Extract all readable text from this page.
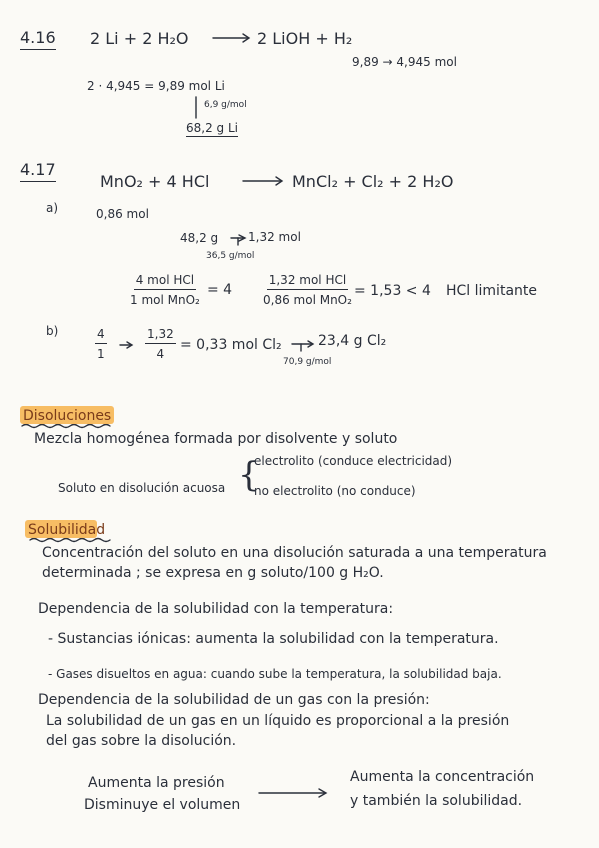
4.16 2 Li + 2 H₂O	2 LiOH + H₂
9,89 → 4,945 mol
2 · 4,945 = 9,89 mol Li
6,9 g/mol
68,2 g Li
4.17
MnO₂ + 4 HCl	MnCl₂ + Cl₂ + 2 H₂O
a)	0,86 mol
48,2 g 1,32 mol
36,5 g/mol
4 mol HCl
1 mol MnO₂
= 4
1,32 mol HCl
0,86 mol MnO₂
= 1,53 < 4 HCl limitante
b)	$\frac{4}{1}$	$\frac{1,32}{4} = 0,33$ mol Cl₂	23,4 g Cl₂
70,9 g/mol
Disoluciones
Mezcla homogénea formada por disolvente y soluto
Soluto en disolución acuosa {
electrolito (conduce electricidad)
no electrolito (no conduce)
Solubilidad
Concentración del soluto en una disolución saturada a una temperatura
determinada ; se expresa en g soluto/100 g H₂O.
Dependencia de la solubilidad con la temperatura:
- Sustancias iónicas: aumenta la solubilidad con la temperatura.
- Gases disueltos en agua: cuando sube la temperatura, la solubilidad baja.
Dependencia de la solubilidad de un gas con la presión:
La solubilidad de un gas en un líquido es proporcional a la presión
del gas sobre la disolución.
Aumenta la presión
Disminuye el volumen
Aumenta la concentración
y también la solubilidad.
